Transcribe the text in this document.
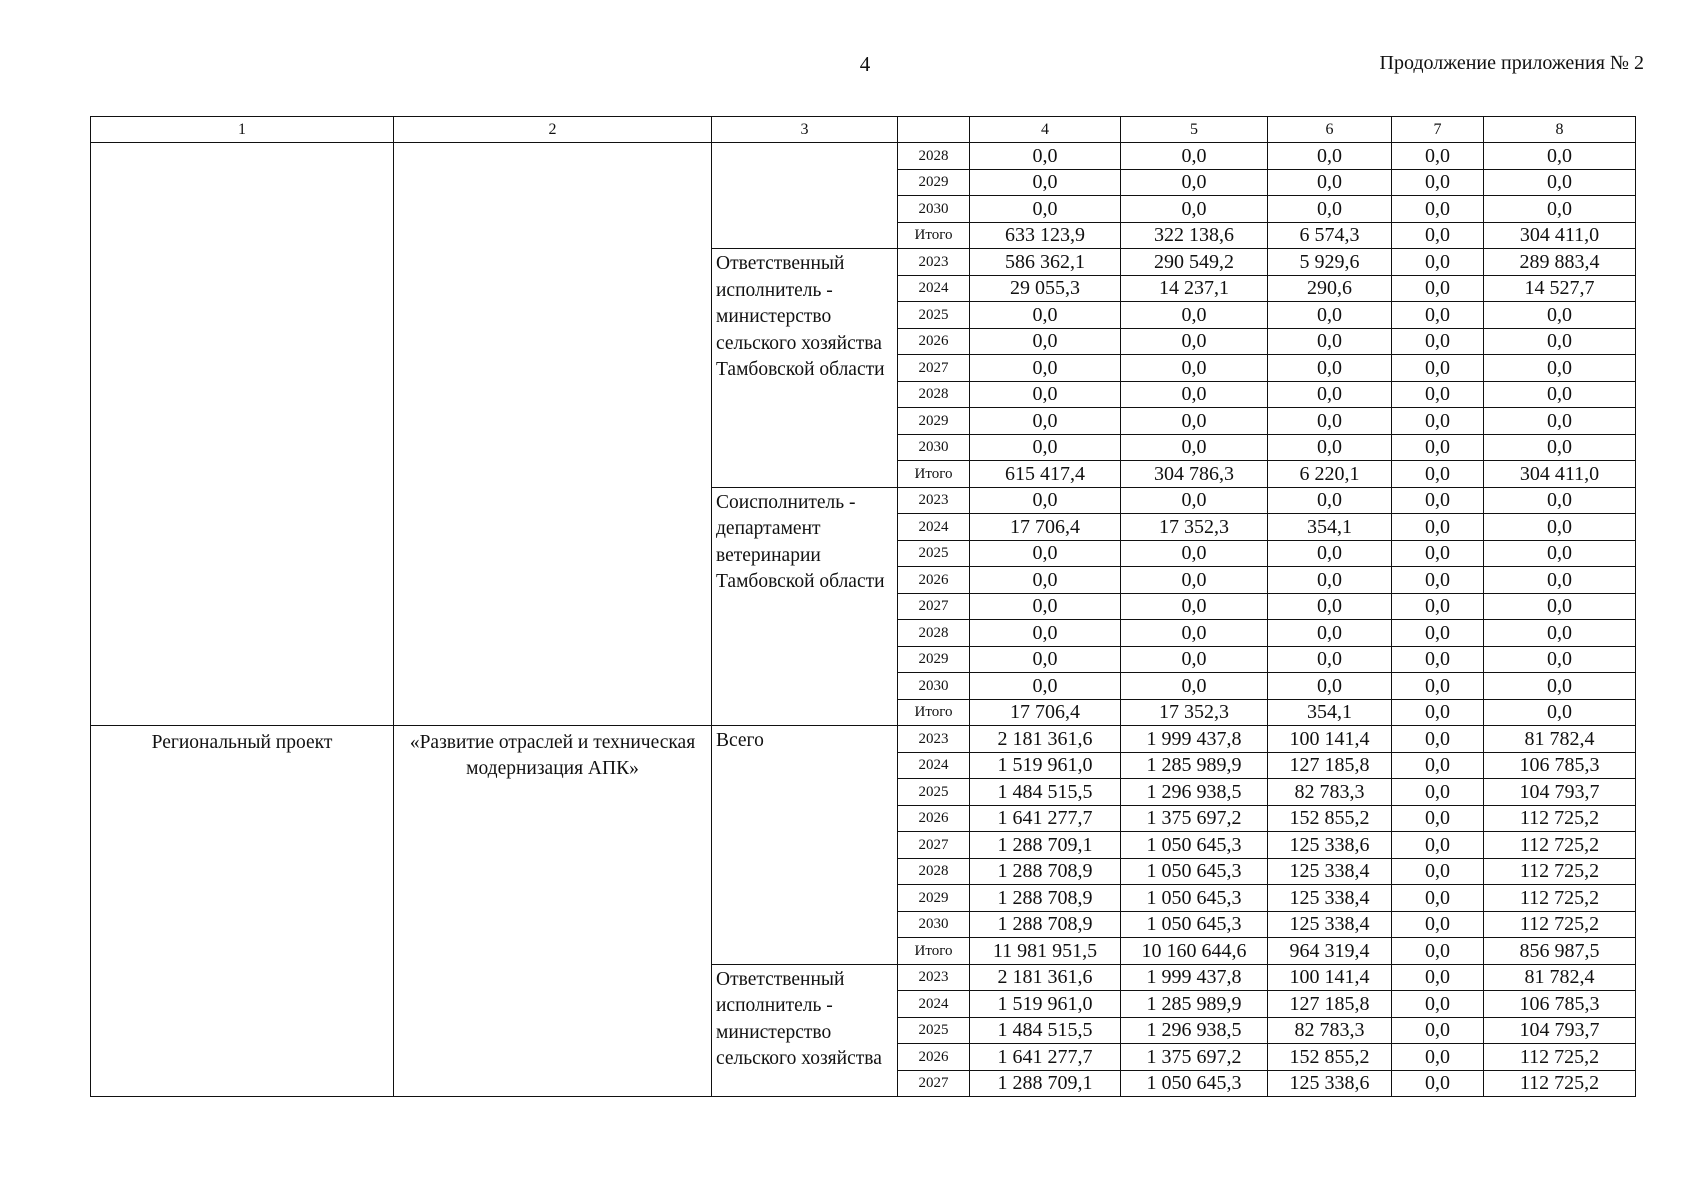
4	Продолжение приложения № 2
1	2	3		4	5	6	7	8
			2028	0,0	0,0	0,0	0,0	0,0
			2029	0,0	0,0	0,0	0,0	0,0
			2030	0,0	0,0	0,0	0,0	0,0
			Итого	633 123,9	322 138,6	6 574,3	0,0	304 411,0
		Ответственный исполнитель - министерство сельского хозяйства Тамбовской области	2023	586 362,1	290 549,2	5 929,6	0,0	289 883,4
			2024	29 055,3	14 237,1	290,6	0,0	14 527,7
			2025	0,0	0,0	0,0	0,0	0,0
			2026	0,0	0,0	0,0	0,0	0,0
			2027	0,0	0,0	0,0	0,0	0,0
			2028	0,0	0,0	0,0	0,0	0,0
			2029	0,0	0,0	0,0	0,0	0,0
			2030	0,0	0,0	0,0	0,0	0,0
			Итого	615 417,4	304 786,3	6 220,1	0,0	304 411,0
		Соисполнитель - департамент ветеринарии Тамбовской области	2023	0,0	0,0	0,0	0,0	0,0
			2024	17 706,4	17 352,3	354,1	0,0	0,0
			2025	0,0	0,0	0,0	0,0	0,0
			2026	0,0	0,0	0,0	0,0	0,0
			2027	0,0	0,0	0,0	0,0	0,0
			2028	0,0	0,0	0,0	0,0	0,0
			2029	0,0	0,0	0,0	0,0	0,0
			2030	0,0	0,0	0,0	0,0	0,0
			Итого	17 706,4	17 352,3	354,1	0,0	0,0
Региональный проект	«Развитие отраслей и техническая модернизация АПК»	Всего	2023	2 181 361,6	1 999 437,8	100 141,4	0,0	81 782,4
			2024	1 519 961,0	1 285 989,9	127 185,8	0,0	106 785,3
			2025	1 484 515,5	1 296 938,5	82 783,3	0,0	104 793,7
			2026	1 641 277,7	1 375 697,2	152 855,2	0,0	112 725,2
			2027	1 288 709,1	1 050 645,3	125 338,6	0,0	112 725,2
			2028	1 288 708,9	1 050 645,3	125 338,4	0,0	112 725,2
			2029	1 288 708,9	1 050 645,3	125 338,4	0,0	112 725,2
			2030	1 288 708,9	1 050 645,3	125 338,4	0,0	112 725,2
			Итого	11 981 951,5	10 160 644,6	964 319,4	0,0	856 987,5
		Ответственный исполнитель - министерство сельского хозяйства	2023	2 181 361,6	1 999 437,8	100 141,4	0,0	81 782,4
			2024	1 519 961,0	1 285 989,9	127 185,8	0,0	106 785,3
			2025	1 484 515,5	1 296 938,5	82 783,3	0,0	104 793,7
			2026	1 641 277,7	1 375 697,2	152 855,2	0,0	112 725,2
			2027	1 288 709,1	1 050 645,3	125 338,6	0,0	112 725,2
